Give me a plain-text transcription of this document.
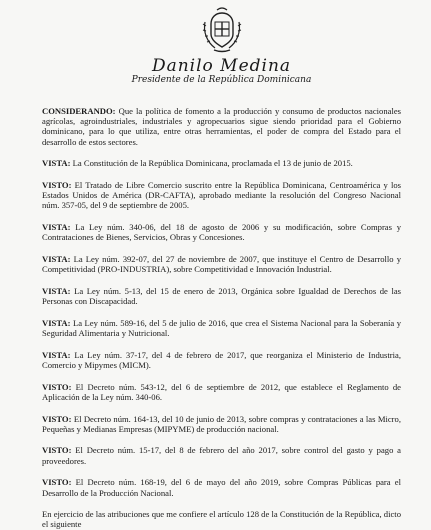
Danilo Medina
Presidente de la República Dominicana

CONSIDERANDO: Que la política de fomento a la producción y consumo de productos nacionales agrícolas, agroindustriales, industriales y agropecuarios sigue siendo prioridad para el Gobierno dominicano, para lo que utiliza, entre otras herramientas, el poder de compra del Estado para el desarrollo de estos sectores.

VISTA: La Constitución de la República Dominicana, proclamada el 13 de junio de 2015.

VISTO: El Tratado de Libre Comercio suscrito entre la República Dominicana, Centroamérica y los Estados Unidos de América (DR-CAFTA), aprobado mediante la resolución del Congreso Nacional núm. 357-05, del 9 de septiembre de 2005.

VISTA: La Ley núm. 340-06, del 18 de agosto de 2006 y su modificación, sobre Compras y Contrataciones de Bienes, Servicios, Obras y Concesiones.

VISTA: La Ley núm. 392-07, del 27 de noviembre de 2007, que instituye el Centro de Desarrollo y Competitividad (PRO-INDUSTRIA), sobre Competitividad e Innovación Industrial.

VISTA: La Ley núm. 5-13, del 15 de enero de 2013, Orgánica sobre Igualdad de Derechos de las Personas con Discapacidad.

VISTA: La Ley núm. 589-16, del 5 de julio de 2016, que crea el Sistema Nacional para la Soberanía y Seguridad Alimentaria y Nutricional.

VISTA: La Ley núm. 37-17, del 4 de febrero de 2017, que reorganiza el Ministerio de Industria, Comercio y Mipymes (MICM).

VISTO: El Decreto núm. 543-12, del 6 de septiembre de 2012, que establece el Reglamento de Aplicación de la Ley núm. 340-06.

VISTO: El Decreto núm. 164-13, del 10 de junio de 2013, sobre compras y contrataciones a las Micro, Pequeñas y Medianas Empresas (MIPYME) de producción nacional.

VISTO: El Decreto núm. 15-17, del 8 de febrero del año 2017, sobre control del gasto y pago a proveedores.

VISTO: El Decreto núm. 168-19, del 6 de mayo del año 2019, sobre Compras Públicas para el Desarrollo de la Producción Nacional.

En ejercicio de las atribuciones que me confiere el artículo 128 de la Constitución de la República, dicto el siguiente
